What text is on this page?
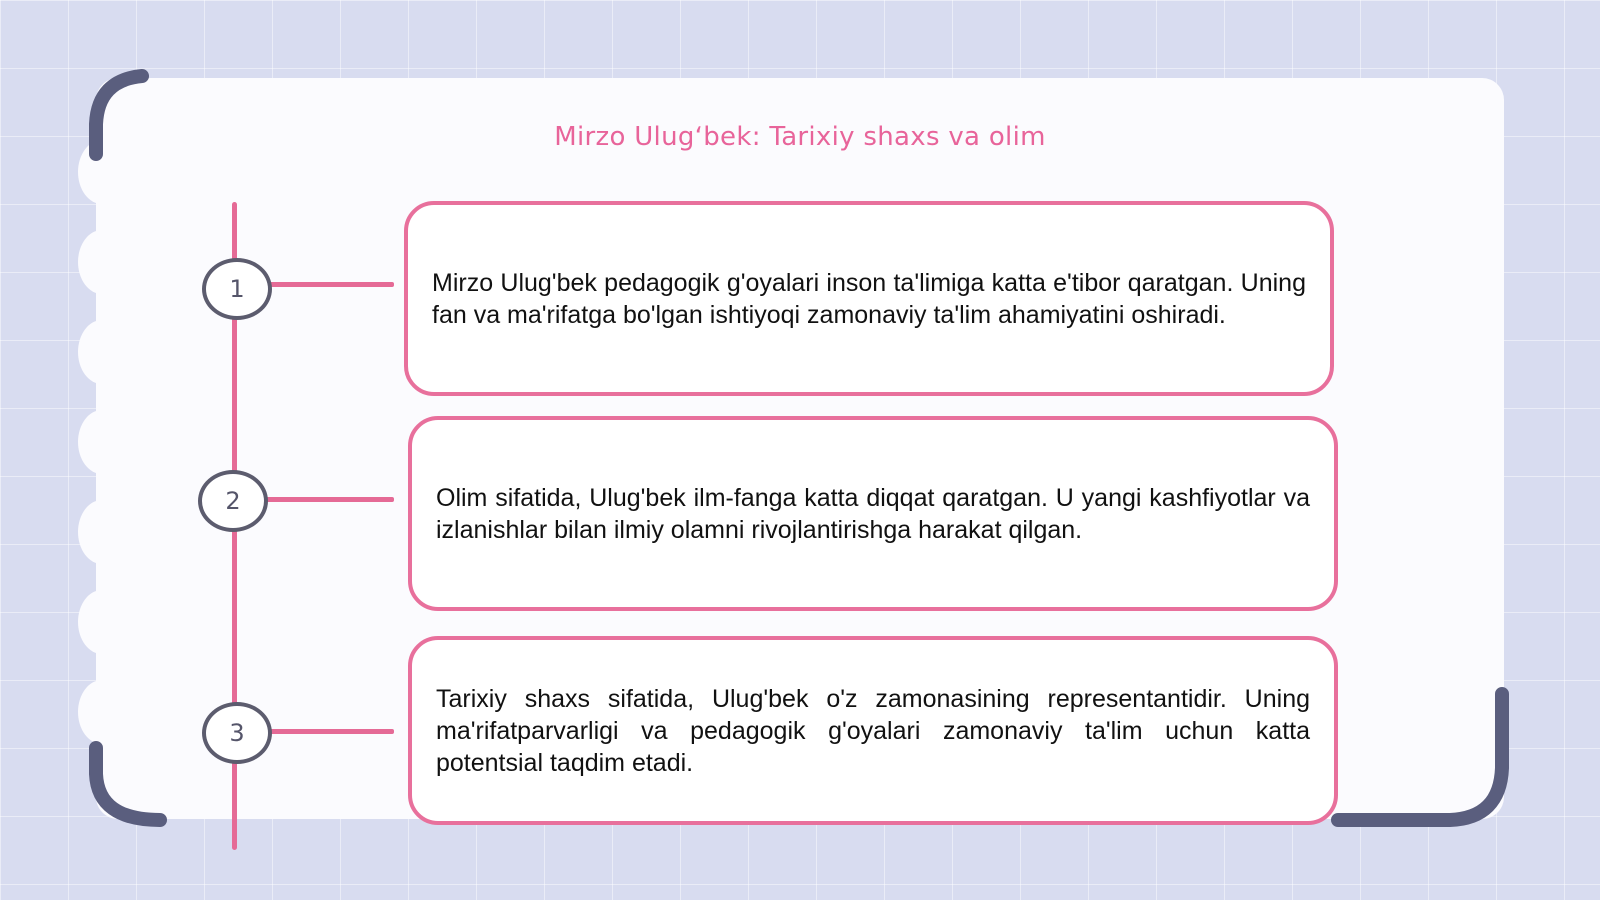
Mirzo Ulugʻbek: Tarixiy shaxs va olim
1
2
3

Mirzo Ulug'bek pedagogik g'oyalari inson ta'limiga katta e'tibor qaratgan. Uning fan va ma'rifatga bo'lgan ishtiyoqi zamonaviy ta'lim ahamiyatini oshiradi.

Olim sifatida, Ulug'bek ilm-fanga katta diqqat qaratgan. U yangi kashfiyotlar va izlanishlar bilan ilmiy olamni rivojlantirishga harakat qilgan.

Tarixiy shaxs sifatida, Ulug'bek o'z zamonasining representantidir. Uning ma'rifatparvarligi va pedagogik g'oyalari zamonaviy ta'lim uchun katta potentsial taqdim etadi.
